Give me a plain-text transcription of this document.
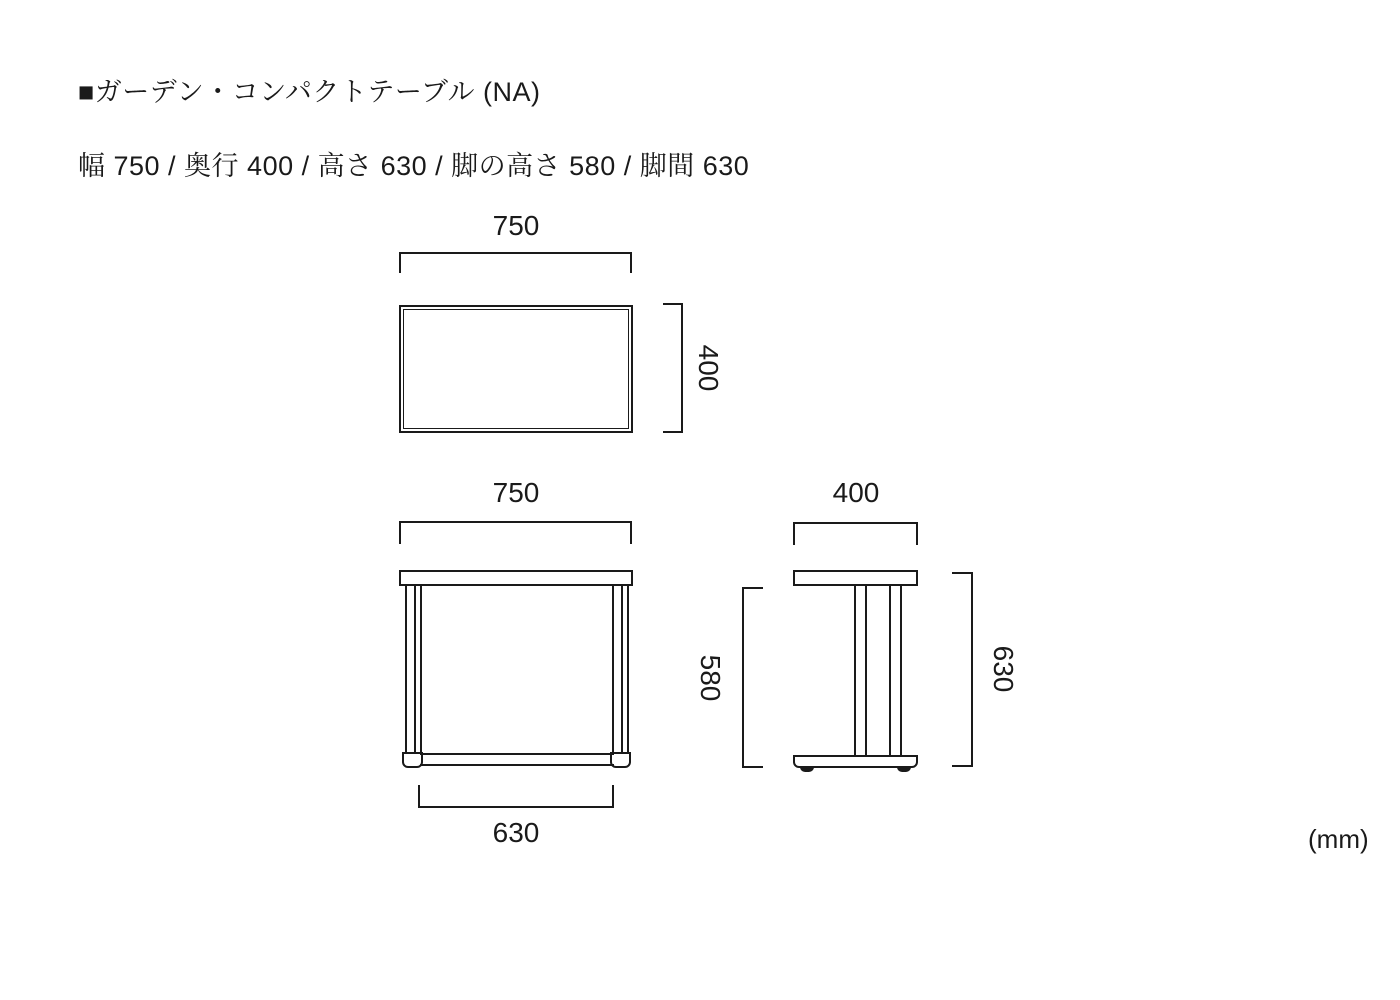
■ガーデン・コンパクトテーブル (NA)
幅 750 / 奥行 400 / 高さ 630 / 脚の高さ 580 / 脚間 630
(mm)
750
400
750
630
400
580	630
